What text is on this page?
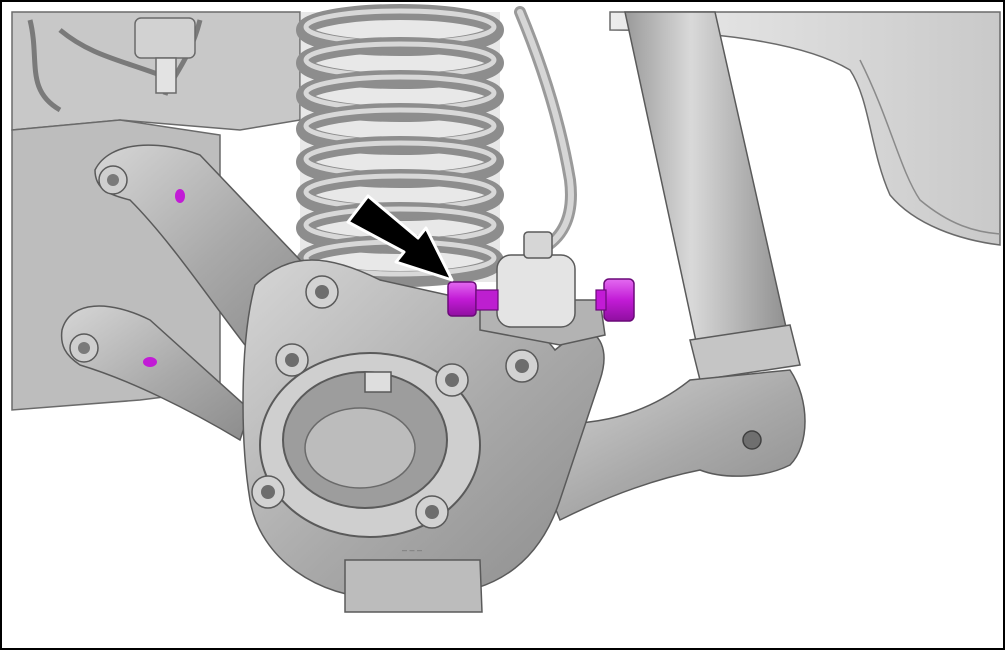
– – –
